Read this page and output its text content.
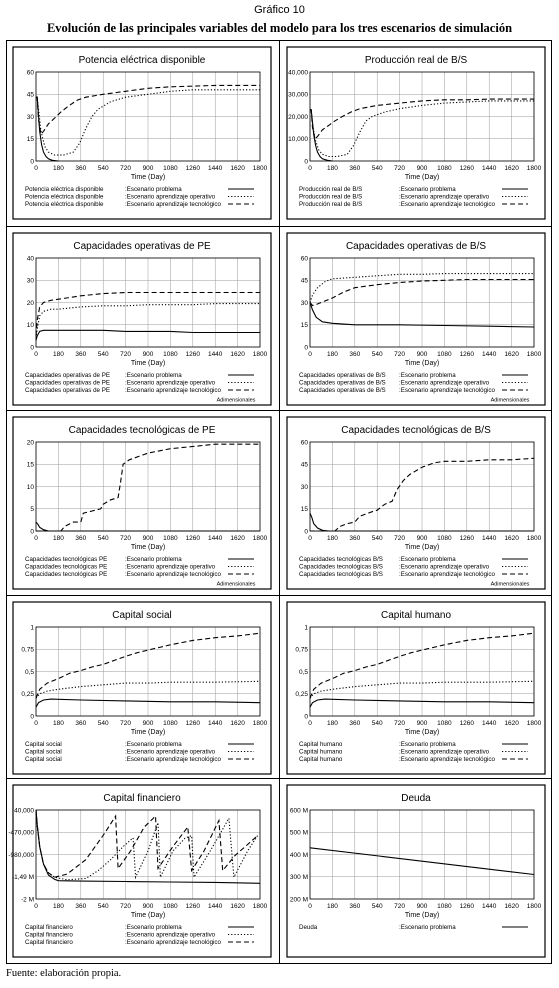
Gráfico 10
Evolución de las principales variables del modelo para los tres escenarios de simulación
Potencia eléctrica disponible
0 180 360 540 720 900 1080 1260 1440 1620 1800
0
15
30
45
60
Time (Day)
Potencia eléctrica disponible	:Escenario problema
Potencia eléctrica disponible	:Escenario aprendizaje operativo
Potencia eléctrica disponible	:Escenario aprendizaje tecnológico
Producción real de B/S
0 180 360 540 720 900 1080 1260 1440 1620 1800
0
10,000
20,000
30,000
40,000
Time (Day)
Producción real de B/S	:Escenario problema
Producción real de B/S	:Escenario aprendizaje operativo
Producción real de B/S	:Escenario aprendizaje tecnológico
Capacidades operativas de PE
0 180 360 540 720 900 1080 1260 1440 1620 1800
0
10
20
30
40
Time (Day)
Capacidades operativas de PE :Escenario problema
Capacidades operativas de PE :Escenario aprendizaje operativo
Capacidades operativas de PE :Escenario aprendizaje tecnológico
Adimensionales
Capacidades operativas de B/S
0 180 360 540 720 900 1080 1260 1440 1620 1800
0
15
30
45
60
Time (Day)
Capacidades operativas de B/S :Escenario problema
Capacidades operativas de B/S :Escenario aprendizaje operativo
Capacidades operativas de B/S :Escenario aprendizaje tecnológico
Adimensionales
Capacidades tecnológicas de PE
0 180 360 540 720 900 1080 1260 1440 1620 1800
0
5
10
15
20
Time (Day)
Capacidades tecnológicas PE	:Escenario problema
Capacidades tecnológicas PE	:Escenario aprendizaje operativo
Capacidades tecnológicas PE	:Escenario aprendizaje tecnológico
Adimensionales
Capacidades tecnológicas de B/S
0 180 360 540 720 900 1080 1260 1440 1620 1800
0
15
30
45
60
Time (Day)
Capacidades tecnológicas B/S	:Escenario problema
Capacidades tecnológicas B/S	:Escenario aprendizaje operativo
Capacidades tecnológicas B/S	:Escenario aprendizaje tecnológico
Adimensionales
Capital social
0 180 360 540 720 900 1080 1260 1440 1620 1800
0
0,25
0,5
0,75
1
Time (Day)
Capital social	:Escenario problema
Capital social	:Escenario aprendizaje operativo
Capital social	:Escenario aprendizaje tecnológico
Capital humano
0 180 360 540 720 900 1080 1260 1440 1620 1800
0
0,25
0,5
0,75
1
Time (Day)
Capital humano	:Escenario problema
Capital humano	:Escenario aprendizaje operativo
Capital humano	:Escenario aprendizaje tecnológico
Capital financiero
0 180 360 540 720 900 1080 1260 1440 1620 1800
40,000
-470,000
-980,000
-1,49 M
-2 M
Time (Day)
Capital financiero	:Escenario problema
Capital financiero	:Escenario aprendizaje operativo
Capital financiero	:Escenario aprendizaje tecnológico
Deuda
0 180 360 540 720 900 1080 1260 1440 1620 1800
600 M
500 M
400 M
300 M
200 M
Time (Day)
Deuda	:Escenario problema
Fuente: elaboración propia.
